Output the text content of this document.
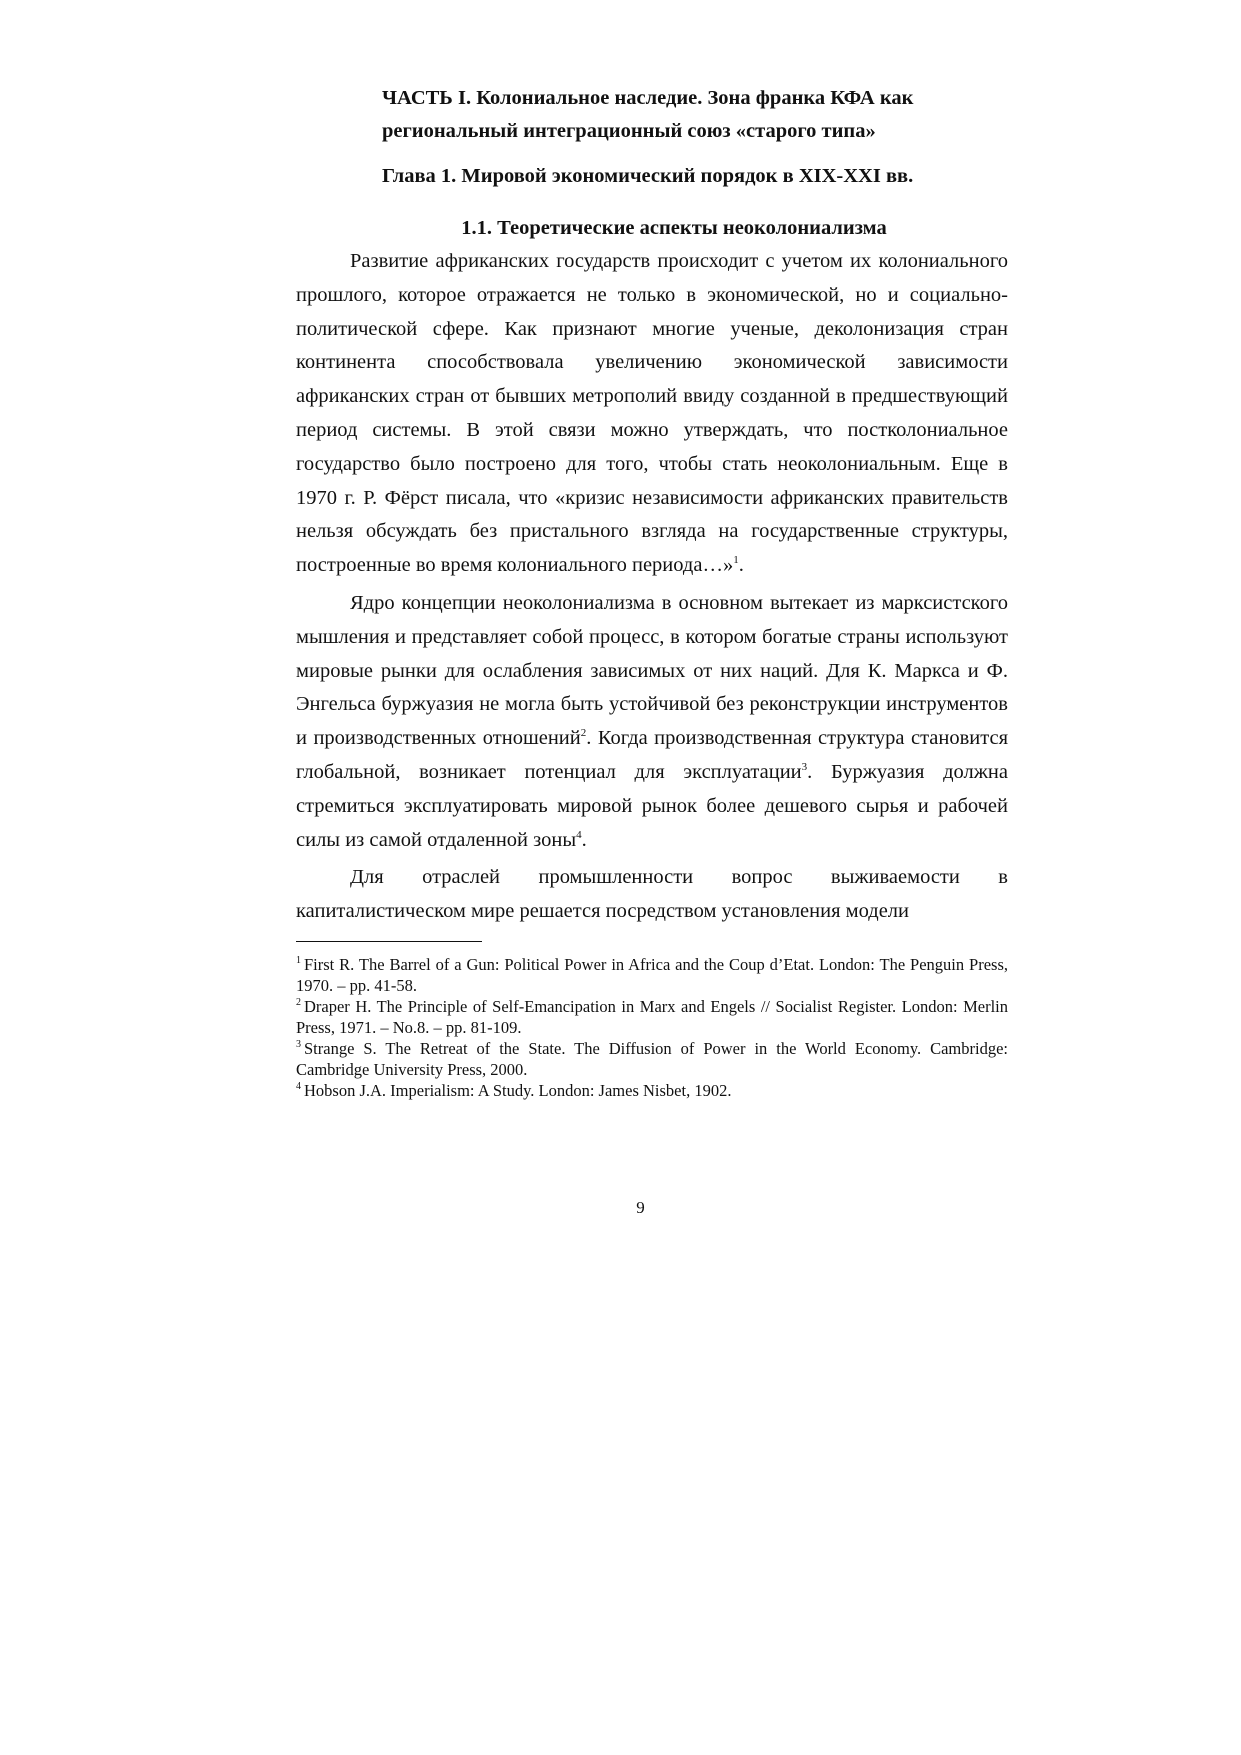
ЧАСТЬ I. Колониальное наследие. Зона франка КФА как
региональный интеграционный союз «старого типа»
Глава 1. Мировой экономический порядок в XIX-XXI вв.
1.1. Теоретические аспекты неоколониализма

Развитие африканских государств происходит с учетом их колониального прошлого, которое отражается не только в экономической, но и социально-политической сфере. Как признают многие ученые, деколонизация стран континента способствовала увеличению экономической зависимости африканских стран от бывших метрополий ввиду созданной в предшествующий период системы. В этой связи можно утверждать, что постколониальное государство было построено для того, чтобы стать неоколониальным. Еще в 1970 г. Р. Фёрст писала, что «кризис независимости африканских правительств нельзя обсуждать без пристального взгляда на государственные структуры, построенные во время колониального периода…»$^1$.

Ядро концепции неоколониализма в основном вытекает из марксистского мышления и представляет собой процесс, в котором богатые страны используют мировые рынки для ослабления зависимых от них наций. Для К. Маркса и Ф. Энгельса буржуазия не могла быть устойчивой без реконструкции инструментов и производственных отношений$^2$. Когда производственная структура становится глобальной, возникает потенциал для эксплуатации$^3$. Буржуазия должна стремиться эксплуатировать мировой рынок более дешевого сырья и рабочей силы из самой отдаленной зоны$^4$.

Для отраслей промышленности вопрос выживаемости в капиталистическом мире решается посредством установления модели

$^1$ First R. The Barrel of a Gun: Political Power in Africa and the Coup d’Etat. London: The Penguin Press, 1970. – pp. 41-58.

$^2$ Draper H. The Principle of Self-Emancipation in Marx and Engels // Socialist Register. London: Merlin Press, 1971. – No.8. – pp. 81-109.

$^3$ Strange S. The Retreat of the State. The Diffusion of Power in the World Economy. Cambridge: Cambridge University Press, 2000.

$^4$ Hobson J.A. Imperialism: A Study. London: James Nisbet, 1902.

9
